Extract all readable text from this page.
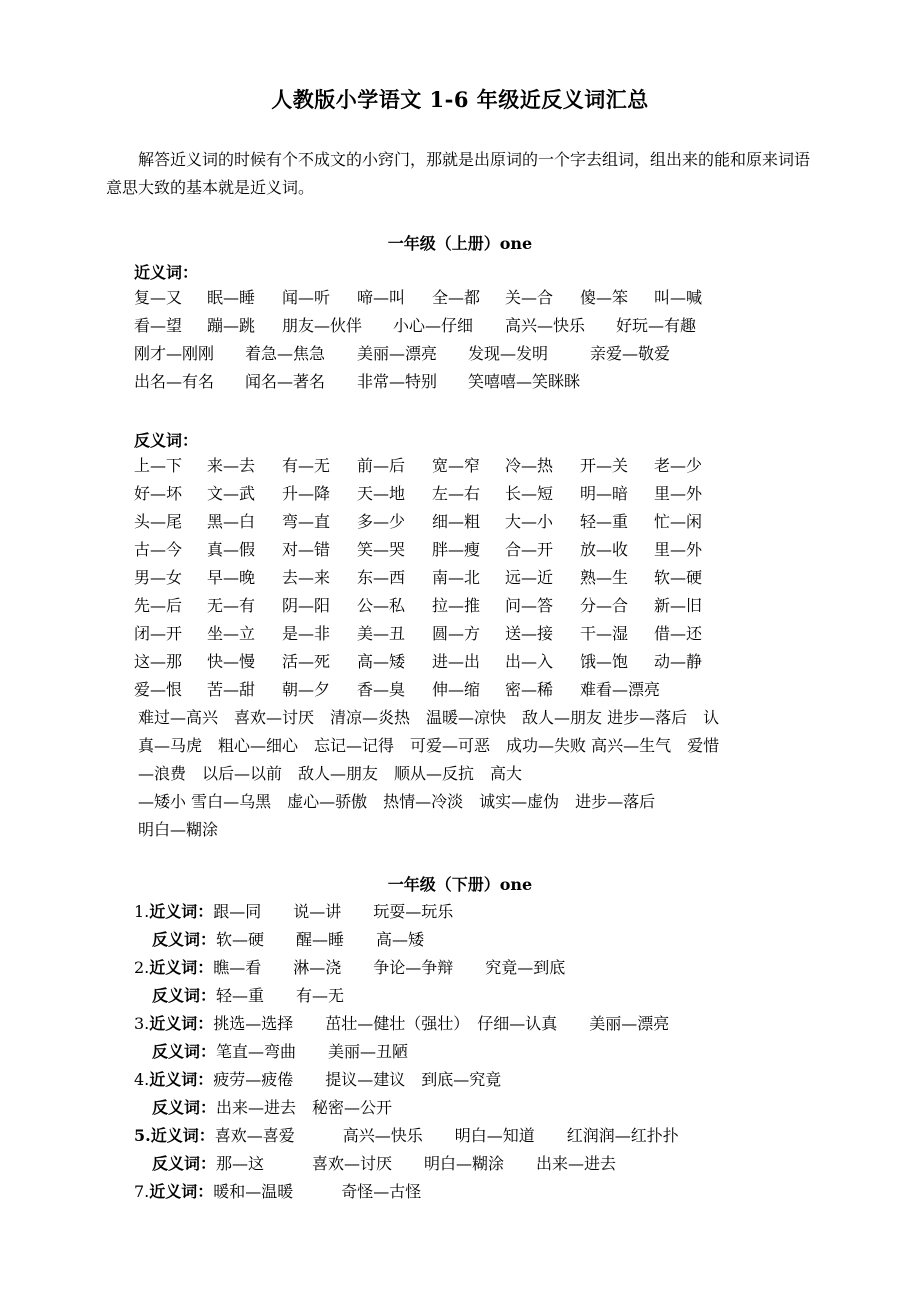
人教版小学语文 1-6 年级近反义词汇总
解答近义词的时候有个不成文的小窍门，那就是出原词的一个字去组词，组出来的能和原来词语意思大致的基本就是近义词。
一年级（上册）one
近义词：
复—又 眠—睡 闻—听 啼—叫 全—都 关—合 傻—笨 叫—喊
看—望 蹦—跳 朋友—伙伴 小心—仔细 高兴—快乐 好玩—有趣
刚才—刚刚 着急—焦急 美丽—漂亮 发现—发明	亲爱—敬爱
出名—有名 闻名—著名 非常—特别 笑嘻嘻—笑眯眯
反义词：
上—下 来—去 有—无 前—后 宽—窄 冷—热 开—关 老—少
好—坏 文—武 升—降 天—地 左—右 长—短 明—暗 里—外
头—尾 黑—白 弯—直 多—少 细—粗 大—小 轻—重 忙—闲
古—今 真—假 对—错 笑—哭 胖—瘦 合—开 放—收 里—外
男—女 早—晚 去—来 东—西 南—北 远—近 熟—生 软—硬
先—后 无—有 阴—阳 公—私 拉—推 问—答 分—合 新—旧
闭—开 坐—立 是—非 美—丑 圆—方 送—接 干—湿 借—还
这—那 快—慢 活—死 高—矮 进—出 出—入 饿—饱 动—静
爱—恨 苦—甜 朝—夕 香—臭 伸—缩 密—稀 难看—漂亮
难过—高兴　喜欢—讨厌　清凉—炎热　温暖—凉快　敌人—朋友 进步—落后　认
真—马虎　粗心—细心　忘记—记得　可爱—可恶　成功—失败 高兴—生气　爱惜
—浪费　以后—以前　敌人—朋友　顺从—反抗　高大
—矮小 雪白—乌黑　虚心—骄傲　热情—冷淡　诚实—虚伪　进步—落后
明白—糊涂
一年级（下册）one
1.近义词：跟—同　　说—讲　　玩耍—玩乐
反义词：软—硬　　醒—睡　　高—矮
2.近义词：瞧—看　　淋—浇　　争论—争辩　　究竟—到底
反义词：轻—重　　有—无
3.近义词：挑选—选择　　茁壮—健壮（强壮）　仔细—认真　　美丽—漂亮
反义词：笔直—弯曲　　美丽—丑陋
4.近义词：疲劳—疲倦　　提议—建议　到底—究竟
反义词：出来—进去　秘密—公开
5.近义词：喜欢—喜爱　　　高兴—快乐　　明白—知道　　红润润—红扑扑
反义词：那—这　　　喜欢—讨厌　　明白—糊涂　　出来—进去
7.近义词：暖和—温暖　　　奇怪—古怪
